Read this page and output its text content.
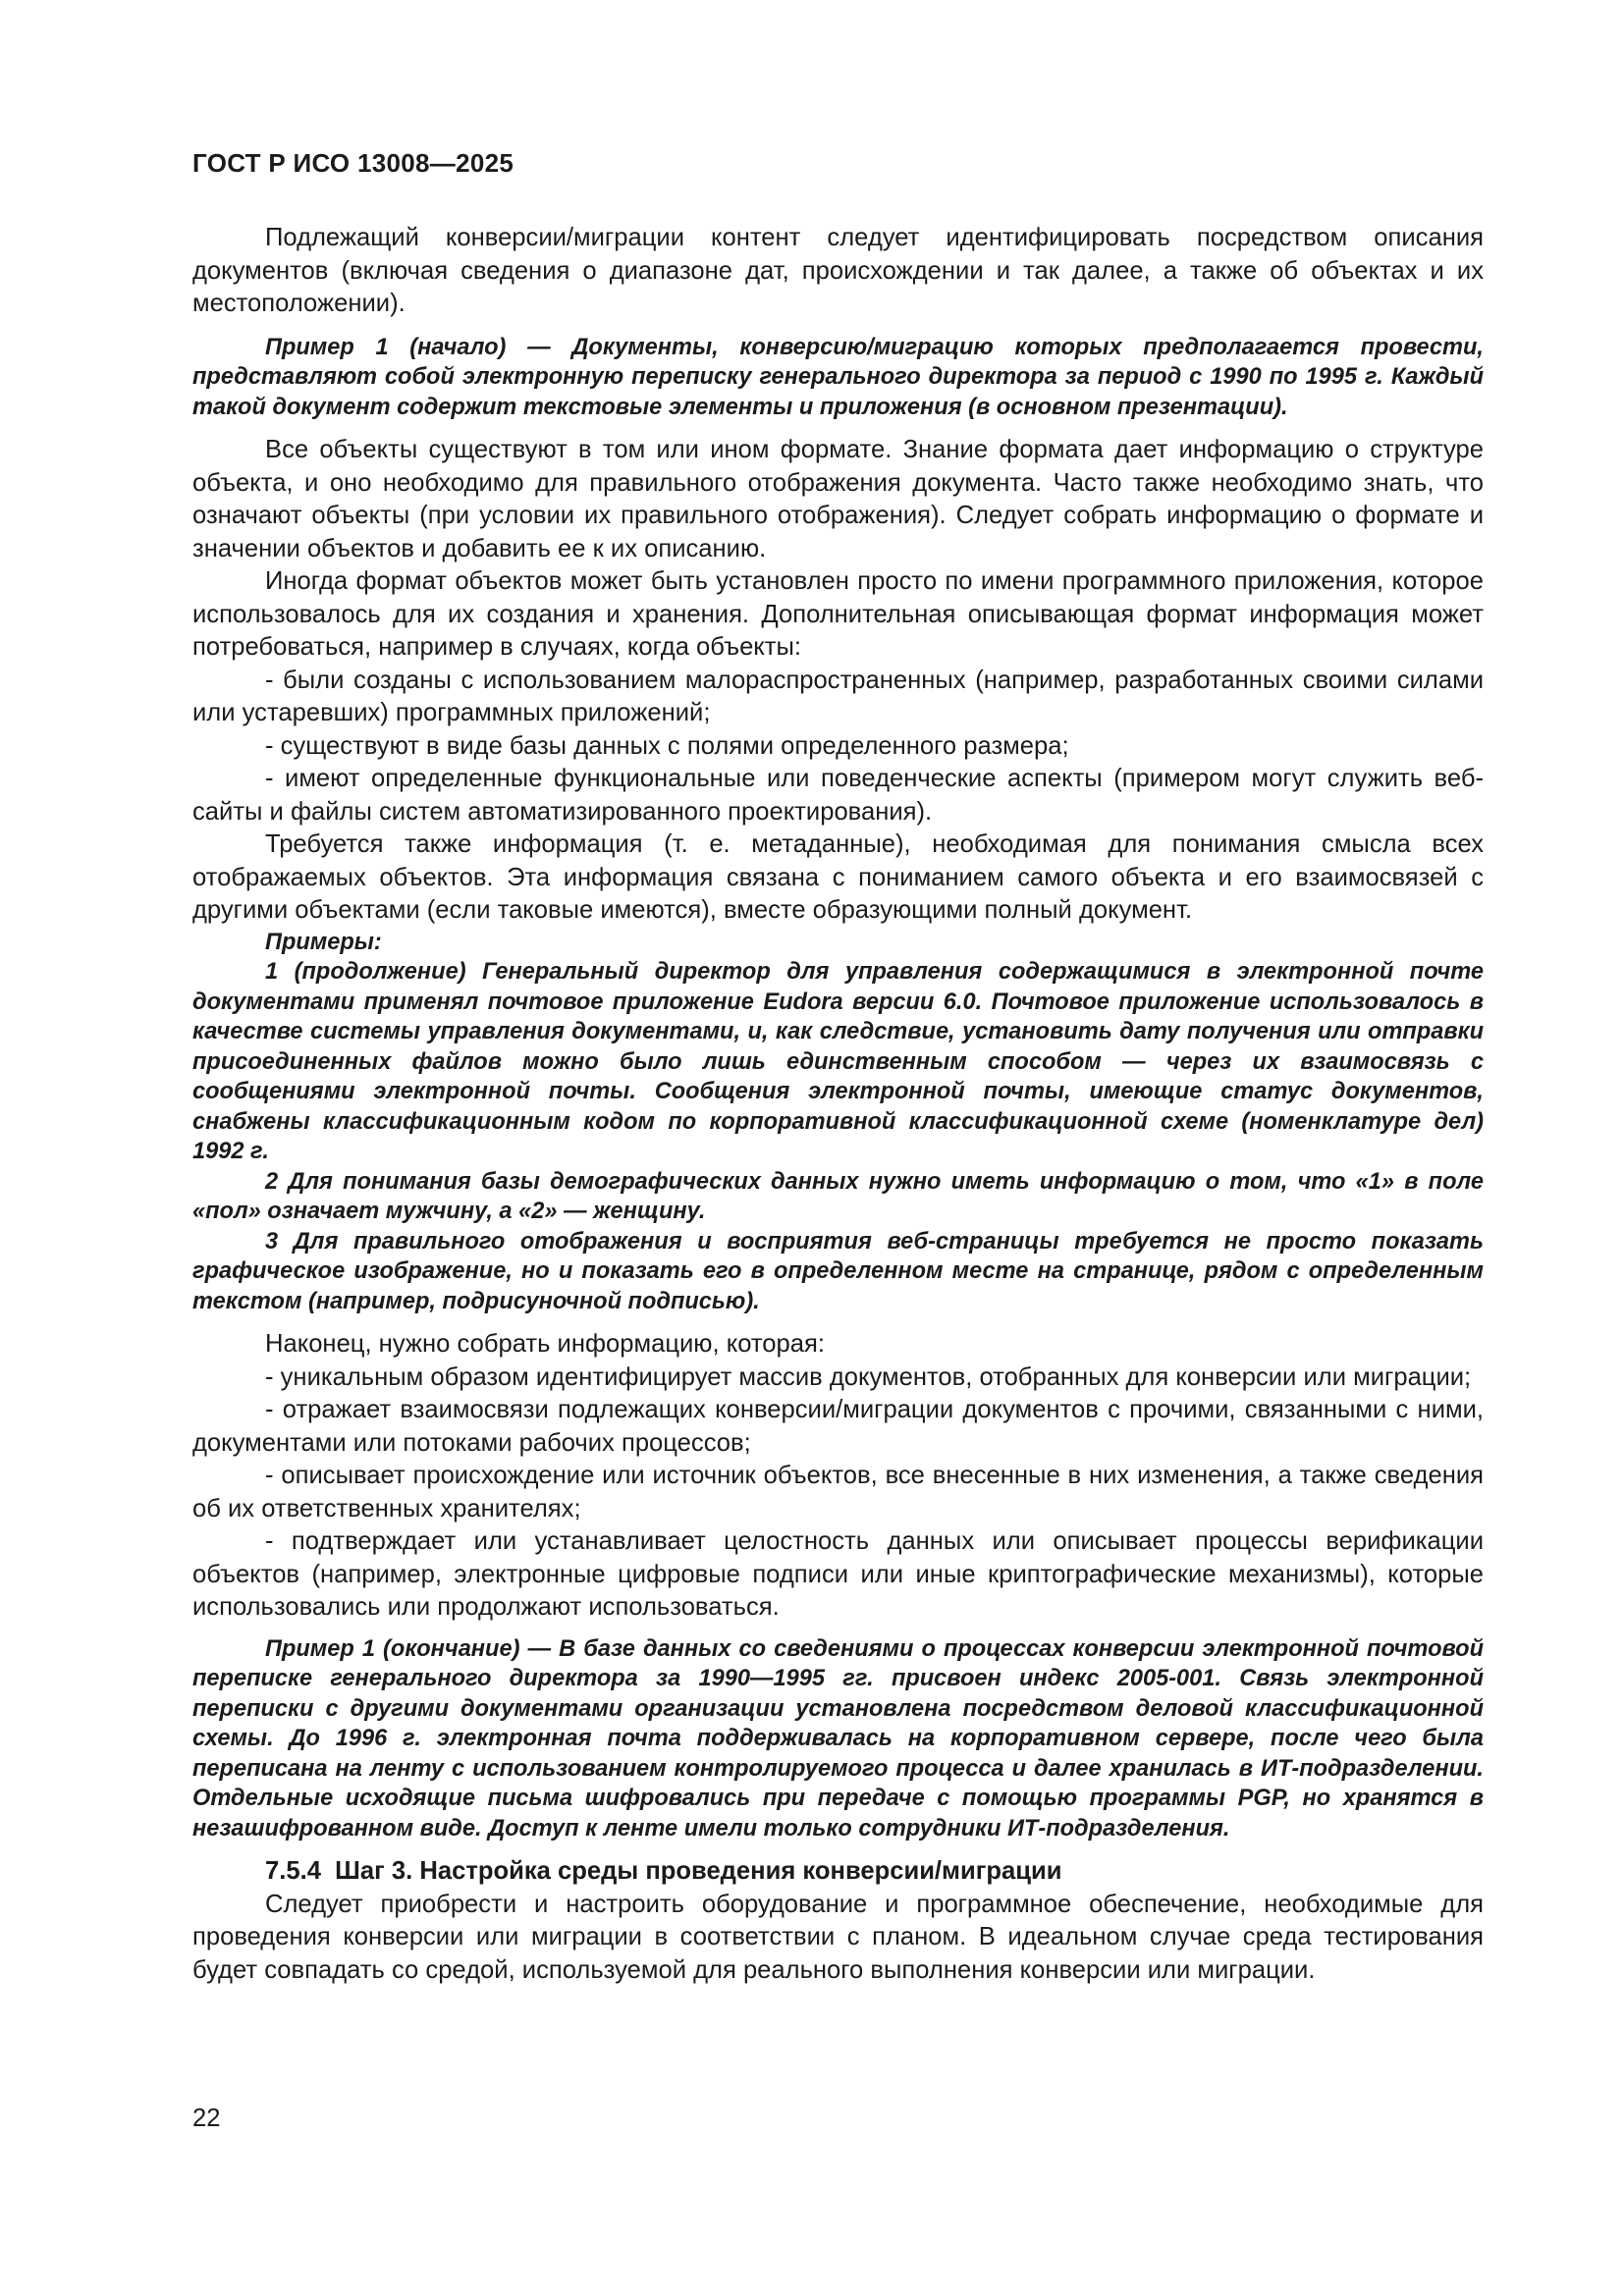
ГОСТ Р ИСО 13008—2025

Подлежащий конверсии/миграции контент следует идентифицировать посредством описания документов (включая сведения о диапазоне дат, происхождении и так далее, а также об объектах и их местоположении).

Пример 1 (начало) — Документы, конверсию/миграцию которых предполагается провести, представляют собой электронную переписку генерального директора за период с 1990 по 1995 г. Каждый такой документ содержит текстовые элементы и приложения (в основном презентации).

Все объекты существуют в том или ином формате. Знание формата дает информацию о структуре объекта, и оно необходимо для правильного отображения документа. Часто также необходимо знать, что означают объекты (при условии их правильного отображения). Следует собрать информацию о формате и значении объектов и добавить ее к их описанию.

Иногда формат объектов может быть установлен просто по имени программного приложения, которое использовалось для их создания и хранения. Дополнительная описывающая формат информация может потребоваться, например в случаях, когда объекты:

- были созданы с использованием малораспространенных (например, разработанных своими силами или устаревших) программных приложений;

- существуют в виде базы данных с полями определенного размера;

- имеют определенные функциональные или поведенческие аспекты (примером могут служить веб-сайты и файлы систем автоматизированного проектирования).

Требуется также информация (т. е. метаданные), необходимая для понимания смысла всех отображаемых объектов. Эта информация связана с пониманием самого объекта и его взаимосвязей с другими объектами (если таковые имеются), вместе образующими полный документ.

Примеры:

1 (продолжение) Генеральный директор для управления содержащимися в электронной почте документами применял почтовое приложение Eudora версии 6.0. Почтовое приложение использовалось в качестве системы управления документами, и, как следствие, установить дату получения или отправки присоединенных файлов можно было лишь единственным способом — через их взаимосвязь с сообщениями электронной почты. Сообщения электронной почты, имеющие статус документов, снабжены классификационным кодом по корпоративной классификационной схеме (номенклатуре дел) 1992 г.

2 Для понимания базы демографических данных нужно иметь информацию о том, что «1» в поле «пол» означает мужчину, а «2» — женщину.

3 Для правильного отображения и восприятия веб-страницы требуется не просто показать графическое изображение, но и показать его в определенном месте на странице, рядом с определенным текстом (например, подрисуночной подписью).

Наконец, нужно собрать информацию, которая:

- уникальным образом идентифицирует массив документов, отобранных для конверсии или миграции;

- отражает взаимосвязи подлежащих конверсии/миграции документов с прочими, связанными с ними, документами или потоками рабочих процессов;

- описывает происхождение или источник объектов, все внесенные в них изменения, а также сведения об их ответственных хранителях;

- подтверждает или устанавливает целостность данных или описывает процессы верификации объектов (например, электронные цифровые подписи или иные криптографические механизмы), которые использовались или продолжают использоваться.

Пример 1 (окончание) — В базе данных со сведениями о процессах конверсии электронной почтовой переписке генерального директора за 1990—1995 гг. присвоен индекс 2005-001. Связь электронной переписки с другими документами организации установлена посредством деловой классификационной схемы. До 1996 г. электронная почта поддерживалась на корпоративном сервере, после чего была переписана на ленту с использованием контролируемого процесса и далее хранилась в ИТ-подразделении. Отдельные исходящие письма шифровались при передаче с помощью программы PGP, но хранятся в незашифрованном виде. Доступ к ленте имели только сотрудники ИТ-подразделения.

7.5.4 Шаг 3. Настройка среды проведения конверсии/миграции

Следует приобрести и настроить оборудование и программное обеспечение, необходимые для проведения конверсии или миграции в соответствии с планом. В идеальном случае среда тестирования будет совпадать со средой, используемой для реального выполнения конверсии или миграции.

22
